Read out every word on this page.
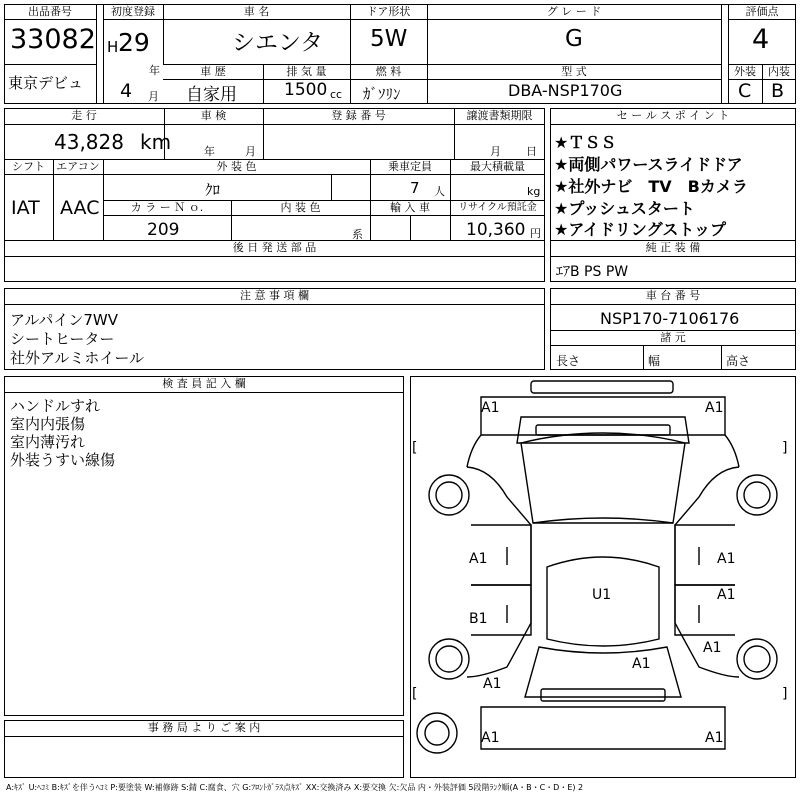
出品番号
33082
東京デビュ
初度登録
H 29
年
4 月
車 名
シエンタ
ドア形状
5W
グ レ ー ド
G
評価点
4
車 歴
自家用
排 気 量
1500 cc
燃 料
ｶﾞｿﾘﾝ
型 式
DBA-NSP170G
外装	内装
C B
走 行
43,828 km
車 検
年	月
登 録 番 号	譲渡書類期限
月 日
シフト
IAT
エアコン
AAC
外 装 色
ｸﾛ
乗車定員
7 人
最大積載量
kg
カ ラ ー Ｎ ｏ.
209
内 装 色
系
輸 入 車	リサイクル預託金
10,360 円
後 日 発 送 部 品
セ ー ル ス ポ イ ン ト
★ＴＳＳ
★両側パワースライドドア
★社外ナビ　TV　Bカメラ
★プッシュスタート
★アイドリングストップ
純 正 装 備
ｴｱB PS PW
注 意 事 項 欄
アルパイン7WV
シートヒーター
社外アルミホイール
車 台 番 号
NSP170-7106176
諸 元
長さ	幅	高さ
検 査 員 記 入 欄
ハンドルすれ
室内内張傷
室内薄汚れ
外装うすい線傷
事 務 局 よ り ご 案 内
[	]
[	]
A1	A1
A1	A1
A1
B1
U1
A1
A1
A1
A1	A1
A:ｷｽﾞ U:ﾍｺﾐ B:ｷｽﾞを伴うﾍｺﾐ P:要塗装 W:補修跡 S:錆 C:腐食、穴 G:ﾌﾛﾝﾄｶﾞﾗｽ点ｷｽﾞ XX:交換済み X:要交換 欠:欠品 内・外装評価 5段階ﾗﾝｸ順(A・B・C・D・E) 2
